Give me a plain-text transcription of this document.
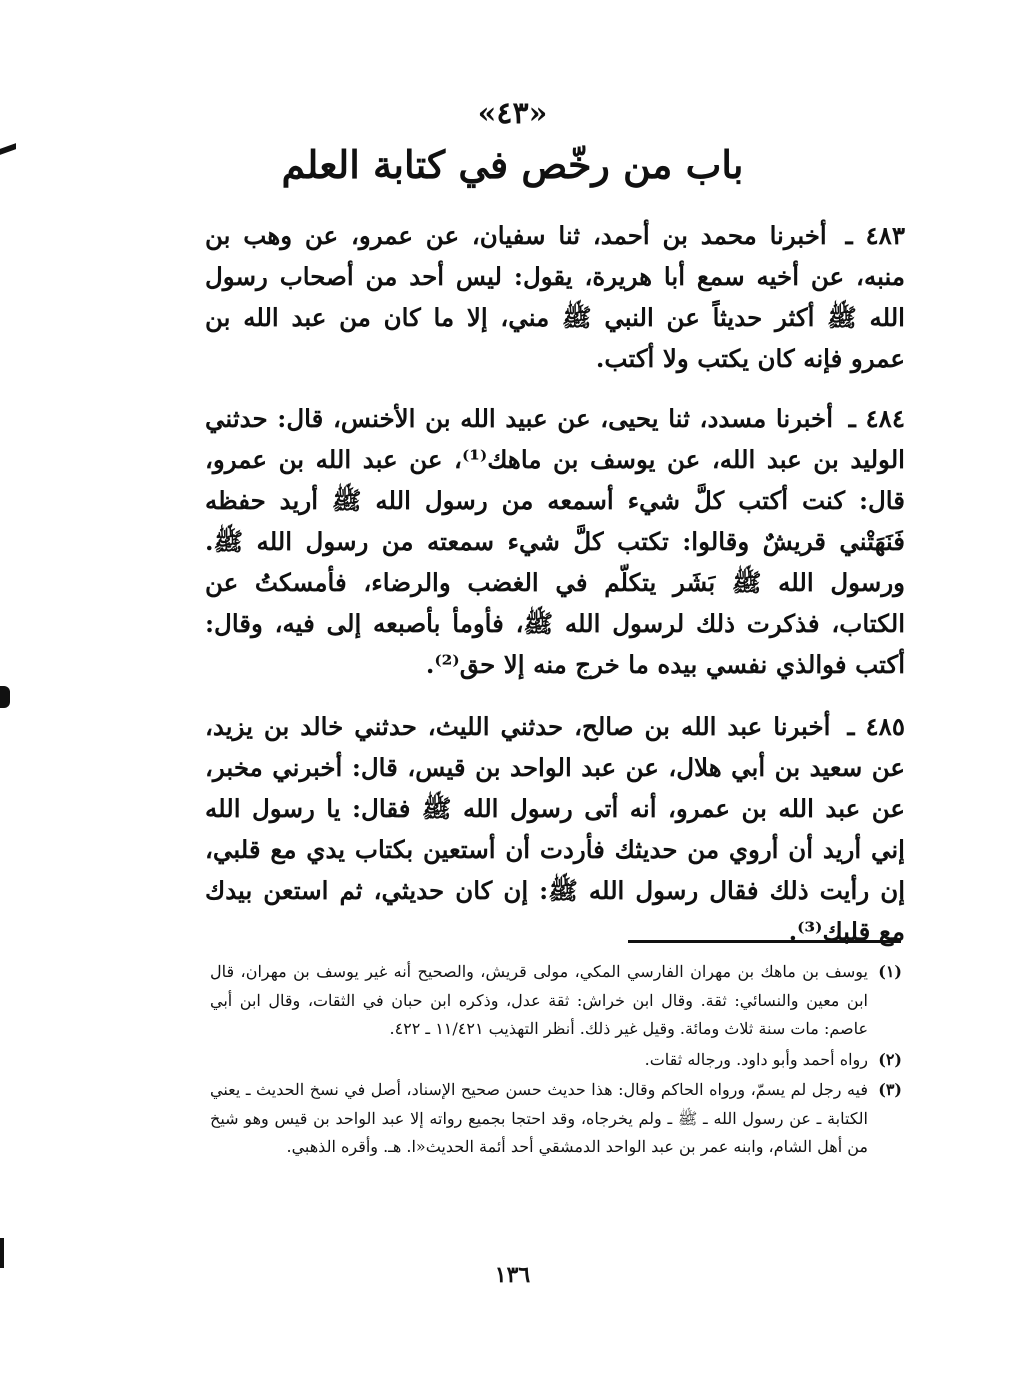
«٤٣»
باب من رخّص في كتابة العلم

٤٨٣ ـ أخبرنا محمد بن أحمد، ثنا سفيان، عن عمرو، عن وهب بن منبه، عن أخيه سمع أبا هريرة، يقول: ليس أحد من أصحاب رسول الله ﷺ أكثر حديثاً عن النبي ﷺ مني، إلا ما كان من عبد الله بن عمرو فإنه كان يكتب ولا أكتب.

٤٨٤ ـ أخبرنا مسدد، ثنا يحيى، عن عبيد الله بن الأخنس، قال: حدثني الوليد بن عبد الله، عن يوسف بن ماهك⁽¹⁾، عن عبد الله بن عمرو، قال: كنت أكتب كلَّ شيء أسمعه من رسول الله ﷺ أريد حفظه فَنَهَتْني قريشٌ وقالوا: تكتب كلَّ شيء سمعته من رسول الله ﷺ. ورسول الله ﷺ بَشَر يتكلّم في الغضب والرضاء، فأمسكتُ عن الكتاب، فذكرت ذلك لرسول الله ﷺ، فأومأ بأصبعه إلى فيه، وقال: أكتب فوالذي نفسي بيده ما خرج منه إلا حق⁽²⁾.

٤٨٥ ـ أخبرنا عبد الله بن صالح، حدثني الليث، حدثني خالد بن يزيد، عن سعيد بن أبي هلال، عن عبد الواحد بن قيس، قال: أخبرني مخبر، عن عبد الله بن عمرو، أنه أتى رسول الله ﷺ فقال: يا رسول الله إني أريد أن أروي من حديثك فأردت أن أستعين بكتاب يدي مع قلبي، إن رأيت ذلك فقال رسول الله ﷺ: إن كان حديثي، ثم استعن بيدك مع قلبك⁽³⁾.

(١)
يوسف بن ماهك بن مهران الفارسي المكي، مولى قريش، والصحيح أنه غير يوسف بن مهران، قال ابن معين والنسائي: ثقة. وقال ابن خراش: ثقة عدل، وذكره ابن حبان في الثقات، وقال ابن أبي عاصم: مات سنة ثلاث ومائة. وقيل غير ذلك. أنظر التهذيب ١١/٤٢١ ـ ٤٢٢.
(٢)
رواه أحمد وأبو داود. ورجاله ثقات.
(٣)
فيه رجل لم يسمّ، ورواه الحاكم وقال: هذا حديث حسن صحيح الإسناد، أصل في نسخ الحديث ـ يعني الكتابة ـ عن رسول الله ـ ﷺ ـ ولم يخرجاه، وقد احتجا بجميع رواته إلا عبد الواحد بن قيس وهو شيخ من أهل الشام، وابنه عمر بن عبد الواحد الدمشقي أحد أئمة الحديث«ا. هـ. وأقره الذهبي.
١٣٦
